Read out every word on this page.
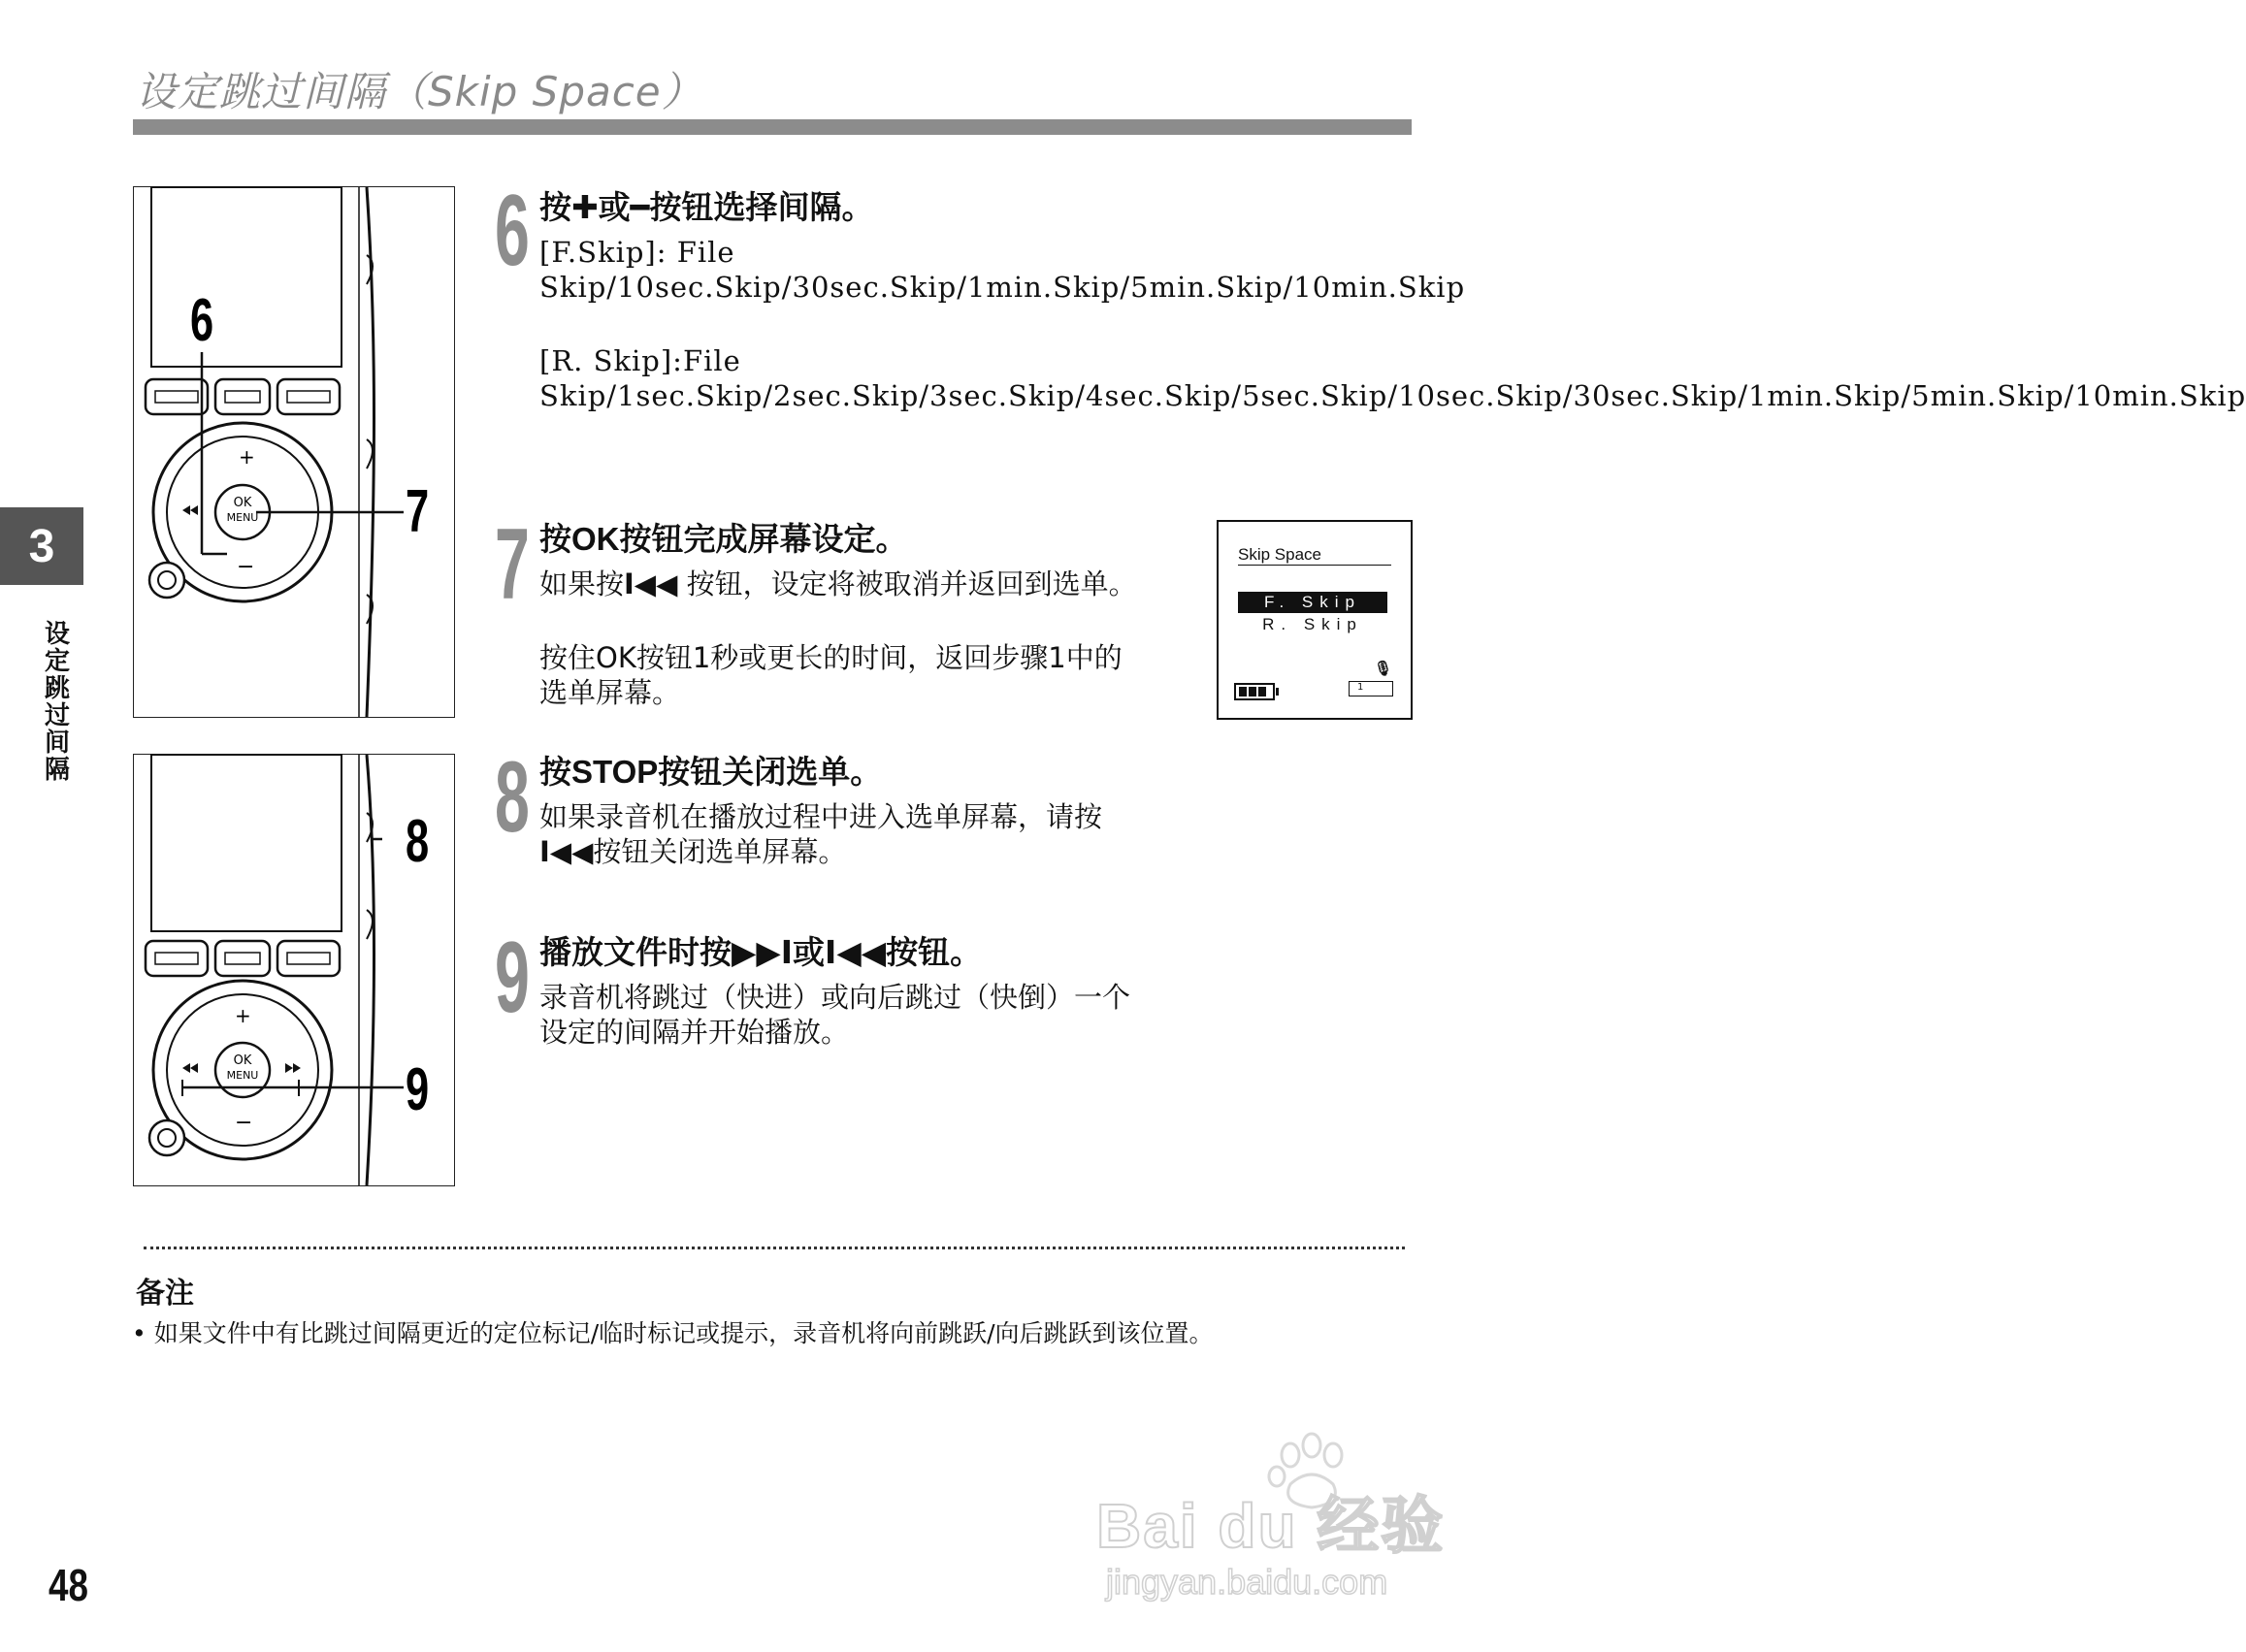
设定跳过间隔（Skip Space）
3
设定跳过间隔
OK
MENU
+
−
6
7
OK
MENU
+
−
8
9
6 按✚或━按钮选择间隔。
[F.Skip]: File Skip/10sec.Skip/30sec.Skip/1min.Skip/5min.Skip/10min.Skip
[R. Skip]:File Skip/1sec.Skip/2sec.Skip/3sec.Skip/4sec.Skip/5sec.Skip/10sec.Skip/30sec.Skip/1min.Skip/5min.Skip/10min.Skip
7 按OK按钮完成屏幕设定。
如果按I◀◀ 按钮，设定将被取消并返回到选单。
按住OK按钮1秒或更长的时间，返回步骤1中的选单屏幕。
Skip Space
F. Skip
R. Skip
🎙︎
1
8 按STOP按钮关闭选单。
如果录音机在播放过程中进入选单屏幕，请按 I◀◀按钮关闭选单屏幕。
9 播放文件时按▶▶I或I◀◀按钮。
录音机将跳过（快进）或向后跳过（快倒）一个设定的间隔并开始播放。
备注
• 如果文件中有比跳过间隔更近的定位标记/临时标记或提示，录音机将向前跳跃/向后跳跃到该位置。
48
Bai du 经验
jingyan.baidu.com
